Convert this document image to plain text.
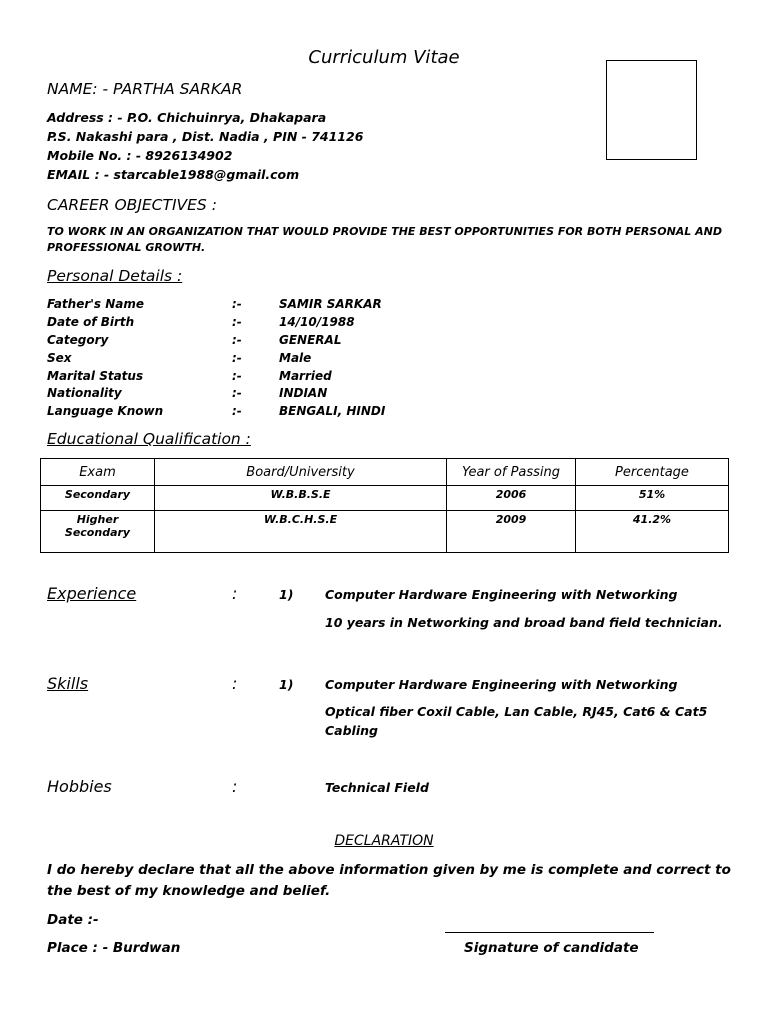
Curriculum Vitae
NAME: - PARTHA SARKAR
Address : - P.O. Chichuinrya, Dhakapara
P.S. Nakashi para , Dist. Nadia , PIN - 741126
Mobile No. : - 8926134902
EMAIL : - starcable1988@gmail.com
CAREER OBJECTIVES :
TO WORK IN AN ORGANIZATION THAT WOULD PROVIDE THE BEST OPPORTUNITIES FOR BOTH PERSONAL AND PROFESSIONAL GROWTH.
Personal Details :
Father's Name	:-	SAMIR SARKAR
Date of Birth	:-	14/10/1988
Category	:-	GENERAL
Sex	:-	Male
Marital Status	:-	Married
Nationality	:-	INDIAN
Language Known	:-	BENGALI, HINDI
Educational Qualification :
Exam	Board/University	Year of Passing	Percentage
Secondary	W.B.B.S.E	2006	51%
Higher Secondary	W.B.C.H.S.E	2009	41.2%
Experience	:	1)	Computer Hardware Engineering with Networking
10 years in Networking and broad band field technician.
Skills	:	1)	Computer Hardware Engineering with Networking
Optical fiber Coxil Cable, Lan Cable, RJ45, Cat6 & Cat5
Cabling
Hobbies	:	Technical Field
DECLARATION
I do hereby declare that all the above information given by me is complete and correct to the best of my knowledge and belief.
Date :-
Place : - Burdwan	Signature of candidate
